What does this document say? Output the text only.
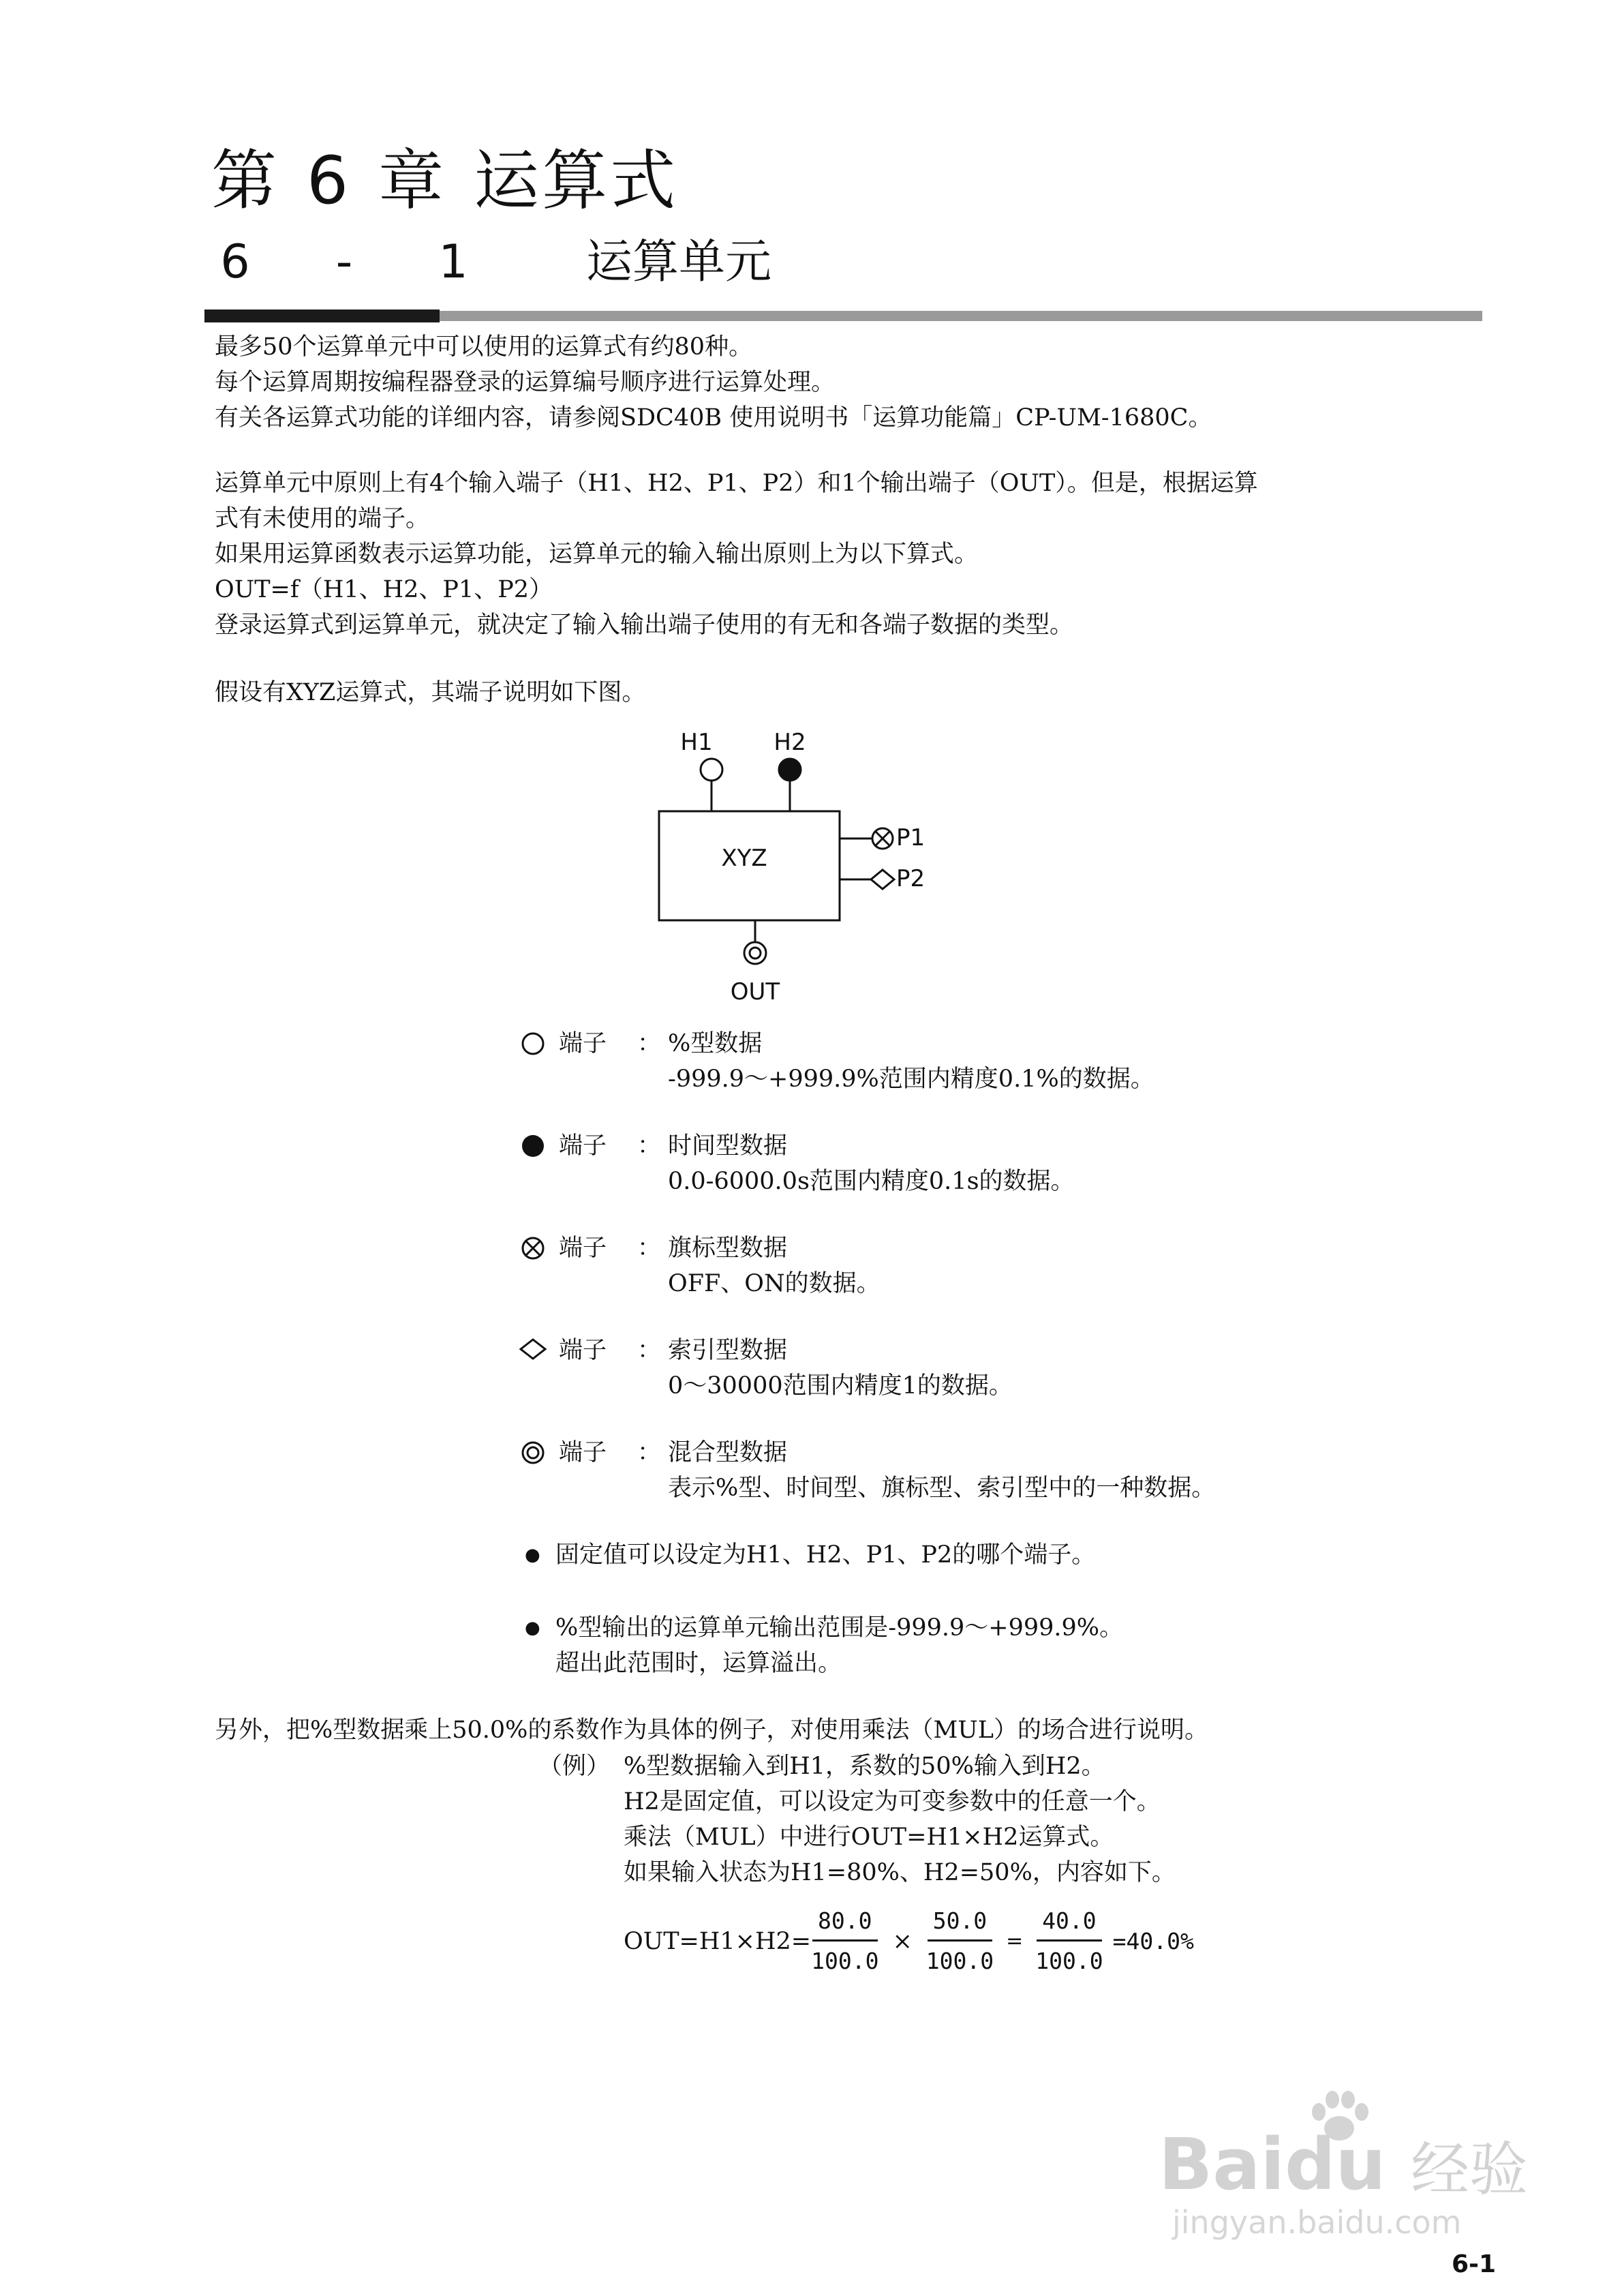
第 6 章 运算式
6 - 1	运算单元
最多50个运算单元中可以使用的运算式有约80种。
每个运算周期按编程器登录的运算编号顺序进行运算处理。
有关各运算式功能的详细内容，请参阅SDC40B 使用说明书「运算功能篇」CP-UM-1680C。
运算单元中原则上有4个输入端子（H1、H2、P1、P2）和1个输出端子（OUT）。但是，根据运算
式有未使用的端子。
如果用运算函数表示运算功能，运算单元的输入输出原则上为以下算式。
OUT=f（H1、H2、P1、P2）
登录运算式到运算单元，就决定了输入输出端子使用的有无和各端子数据的类型。
假设有XYZ运算式，其端子说明如下图。
H1	H2
XYZ
P1
P2
OUT
端子 ： %型数据
-999.9～+999.9%范围内精度0.1%的数据。
端子 ： 时间型数据
0.0-6000.0s范围内精度0.1s的数据。
端子 ： 旗标型数据
OFF、ON的数据。
端子 ： 索引型数据
0～30000范围内精度1的数据。
端子 ： 混合型数据
表示%型、时间型、旗标型、索引型中的一种数据。
● 固定值可以设定为H1、H2、P1、P2的哪个端子。
● %型输出的运算单元输出范围是-999.9～+999.9%。
超出此范围时，运算溢出。
另外，把%型数据乘上50.0%的系数作为具体的例子，对使用乘法（MUL）的场合进行说明。
（例） %型数据输入到H1，系数的50%输入到H2。
H2是固定值，可以设定为可变参数中的任意一个。
乘法（MUL）中进行OUT=H1×H2运算式。
如果输入状态为H1=80%、H2=50%，内容如下。
$OUT=H1\times H2= \frac{80.0}{100.0} \times \frac{50.0}{100.0} = \frac{40.0}{100.0} =40.0\%$
Baidu 经验
jingyan.baidu.com
6-1
